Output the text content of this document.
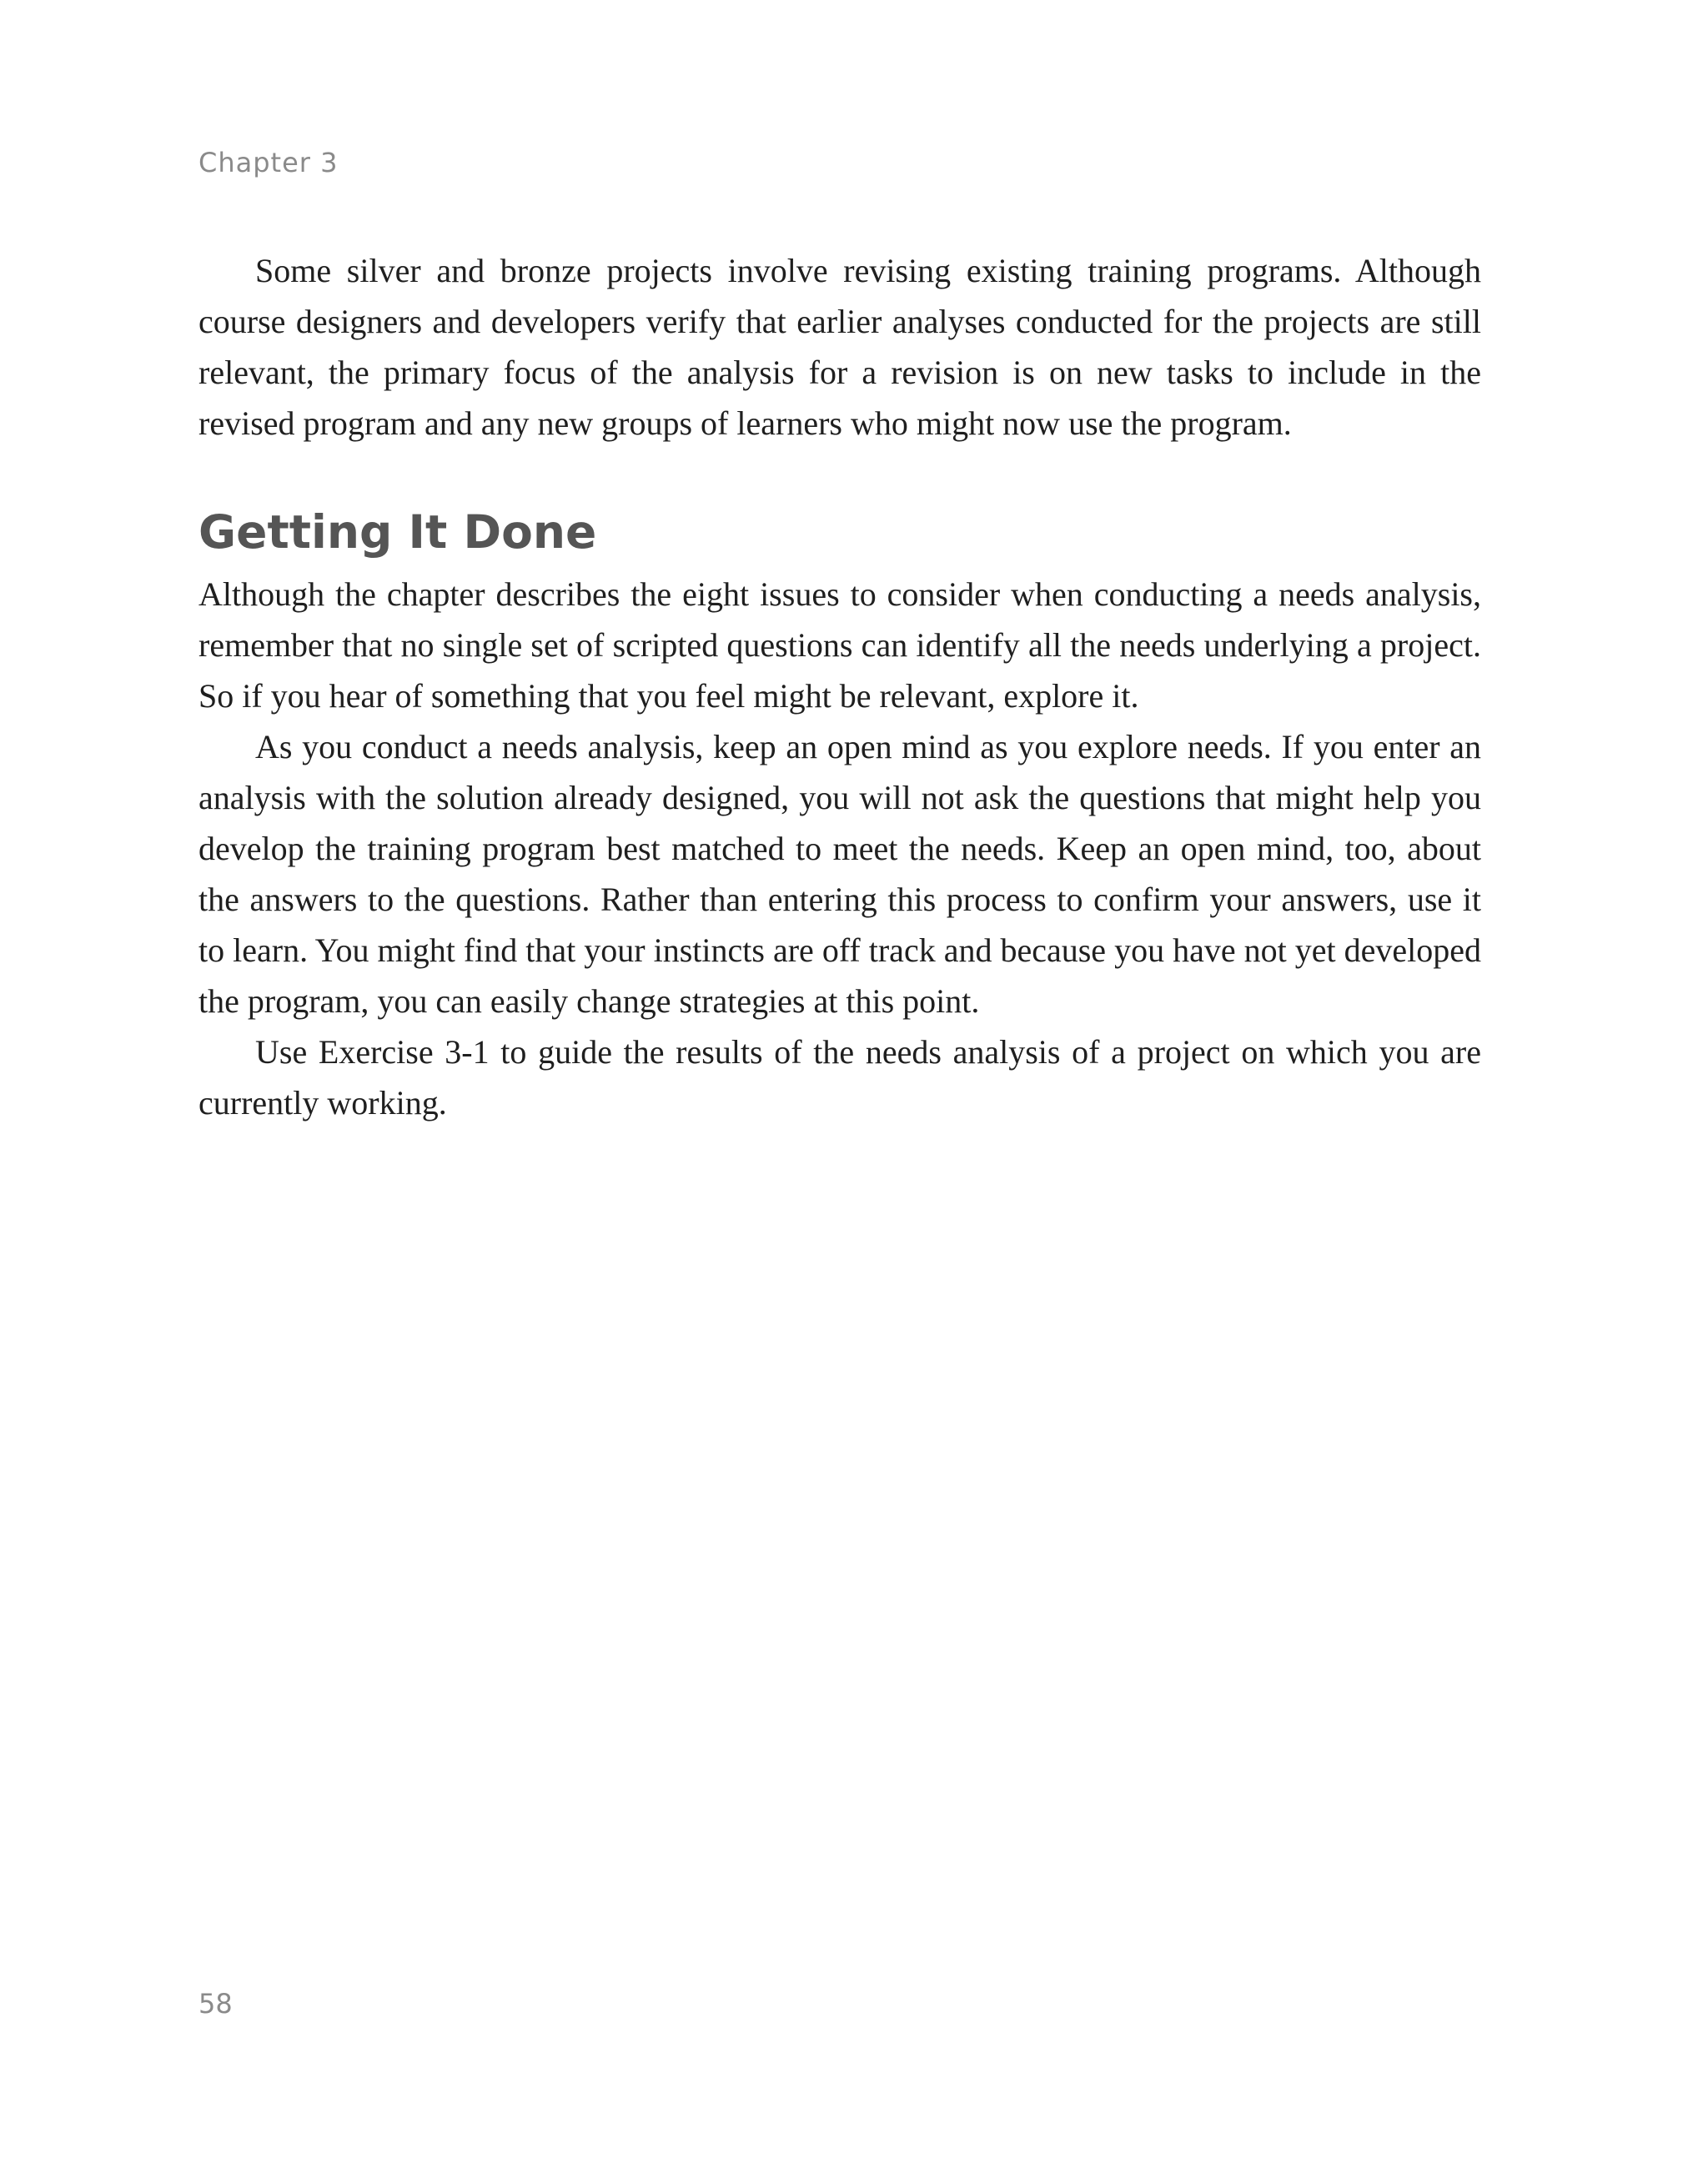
Chapter 3

Some silver and bronze projects involve revising existing training programs. Although course designers and developers verify that earlier analyses conducted for the projects are still relevant, the primary focus of the analysis for a revision is on new tasks to include in the revised program and any new groups of learners who might now use the program.

Getting It Done

Although the chapter describes the eight issues to consider when conducting a needs analysis, remember that no single set of scripted questions can identify all the needs underlying a project. So if you hear of something that you feel might be relevant, explore it.

As you conduct a needs analysis, keep an open mind as you explore needs. If you enter an analysis with the solution already designed, you will not ask the questions that might help you develop the training program best matched to meet the needs. Keep an open mind, too, about the answers to the questions. Rather than entering this process to confirm your answers, use it to learn. You might find that your instincts are off track and because you have not yet developed the program, you can easily change strategies at this point.

Use Exercise 3-1 to guide the results of the needs analysis of a project on which you are currently working.

58
